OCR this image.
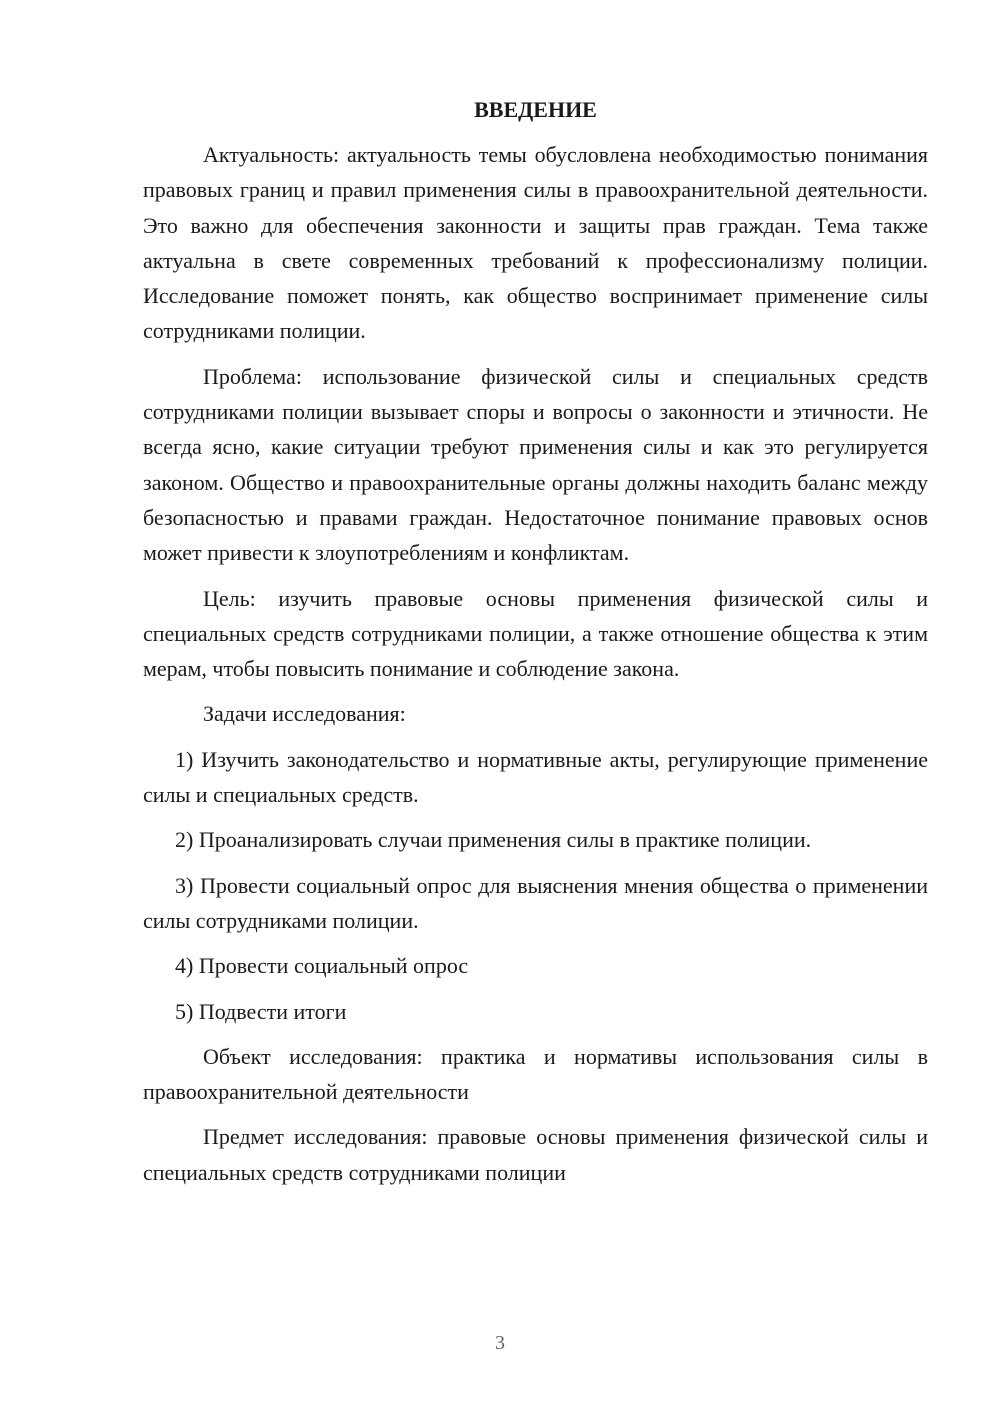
ВВЕДЕНИЕ

Актуальность: актуальность темы обусловлена необходимостью понимания правовых границ и правил применения силы в правоохранительной деятельности. Это важно для обеспечения законности и защиты прав граждан. Тема также актуальна в свете современных требований к профессионализму полиции. Исследование поможет понять, как общество воспринимает применение силы сотрудниками полиции.

Проблема: использование физической силы и специальных средств сотрудниками полиции вызывает споры и вопросы о законности и этичности. Не всегда ясно, какие ситуации требуют применения силы и как это регулируется законом. Общество и правоохранительные органы должны находить баланс между безопасностью и правами граждан. Недостаточное понимание правовых основ может привести к злоупотреблениям и конфликтам.

Цель: изучить правовые основы применения физической силы и специальных средств сотрудниками полиции, а также отношение общества к этим мерам, чтобы повысить понимание и соблюдение закона.

Задачи исследования:

1) Изучить законодательство и нормативные акты, регулирующие применение силы и специальных средств.

2) Проанализировать случаи применения силы в практике полиции.

3) Провести социальный опрос для выяснения мнения общества о применении силы сотрудниками полиции.

4) Провести социальный опрос

5) Подвести итоги

Объект исследования: практика и нормативы использования силы в правоохранительной деятельности

Предмет исследования: правовые основы применения физической силы и специальных средств сотрудниками полиции

3
